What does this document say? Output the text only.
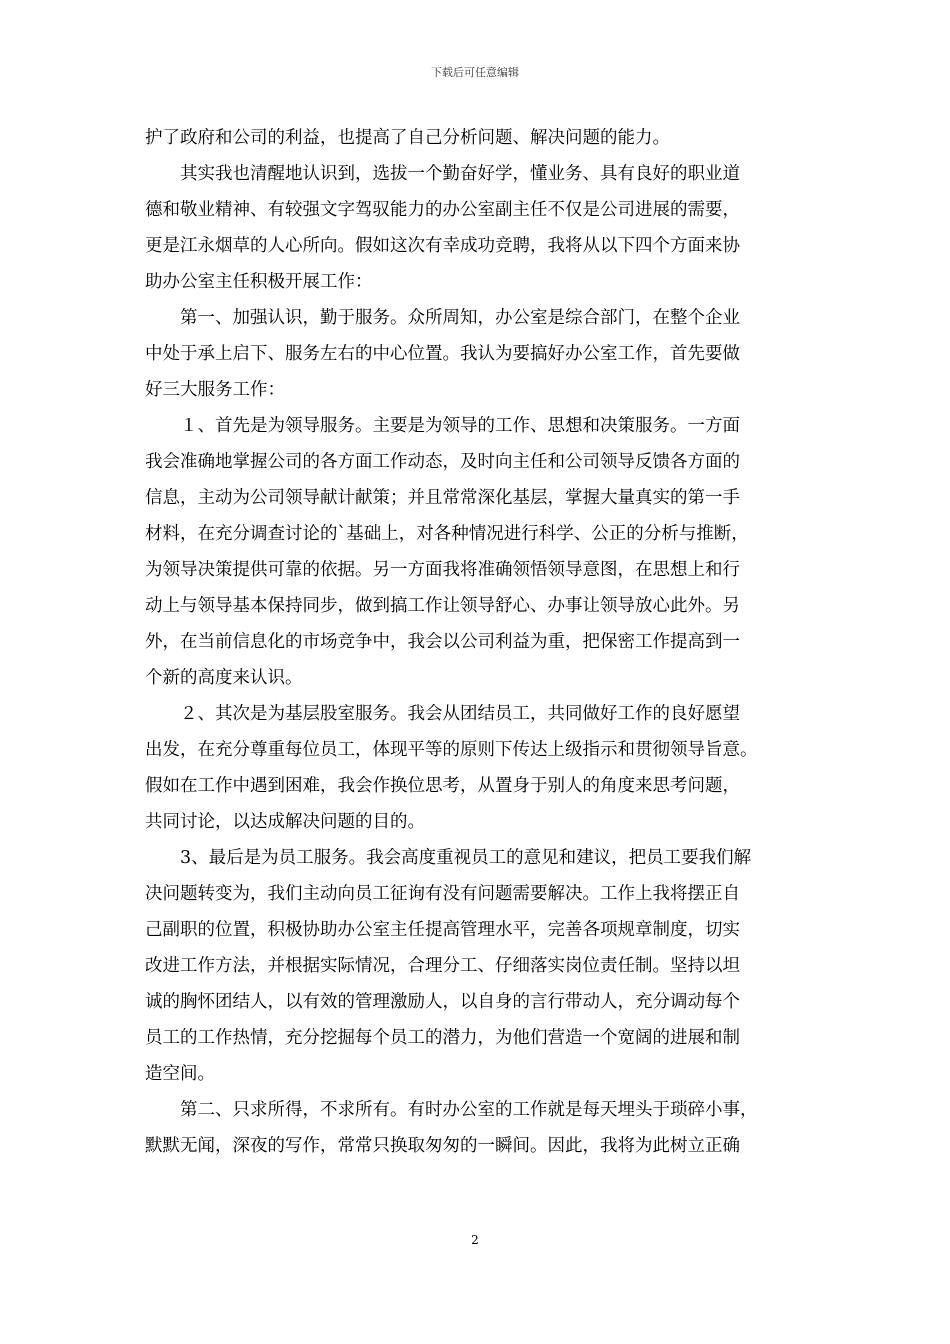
下载后可任意编辑
护了政府和公司的利益，也提高了自己分析问题、解决问题的能力。
　　其实我也清醒地认识到，选拔一个勤奋好学，懂业务、具有良好的职业道
德和敬业精神、有较强文字驾驭能力的办公室副主任不仅是公司进展的需要，
更是江永烟草的人心所向。假如这次有幸成功竞聘，我将从以下四个方面来协
助办公室主任积极开展工作：
　　第一、加强认识，勤于服务。众所周知，办公室是综合部门，在整个企业
中处于承上启下、服务左右的中心位置。我认为要搞好办公室工作，首先要做
好三大服务工作：
　　１、首先是为领导服务。主要是为领导的工作、思想和决策服务。一方面
我会准确地掌握公司的各方面工作动态，及时向主任和公司领导反馈各方面的
信息，主动为公司领导献计献策；并且常常深化基层，掌握大量真实的第一手
材料，在充分调查讨论的`基础上，对各种情况进行科学、公正的分析与推断，
为领导决策提供可靠的依据。另一方面我将准确领悟领导意图，在思想上和行
动上与领导基本保持同步，做到搞工作让领导舒心、办事让领导放心此外。另
外，在当前信息化的市场竞争中，我会以公司利益为重，把保密工作提高到一
个新的高度来认识。
　　２、其次是为基层股室服务。我会从团结员工，共同做好工作的良好愿望
出发，在充分尊重每位员工，体现平等的原则下传达上级指示和贯彻领导旨意。
假如在工作中遇到困难，我会作换位思考，从置身于别人的角度来思考问题，
共同讨论，以达成解决问题的目的。
　　3、最后是为员工服务。我会高度重视员工的意见和建议，把员工要我们解
决问题转变为，我们主动向员工征询有没有问题需要解决。工作上我将摆正自
己副职的位置，积极协助办公室主任提高管理水平，完善各项规章制度，切实
改进工作方法，并根据实际情况，合理分工、仔细落实岗位责任制。坚持以坦
诚的胸怀团结人，以有效的管理激励人，以自身的言行带动人，充分调动每个
员工的工作热情，充分挖掘每个员工的潜力，为他们营造一个宽阔的进展和制
造空间。
　　第二、只求所得，不求所有。有时办公室的工作就是每天埋头于琐碎小事，
默默无闻，深夜的写作，常常只换取匆匆的一瞬间。因此，我将为此树立正确
2
